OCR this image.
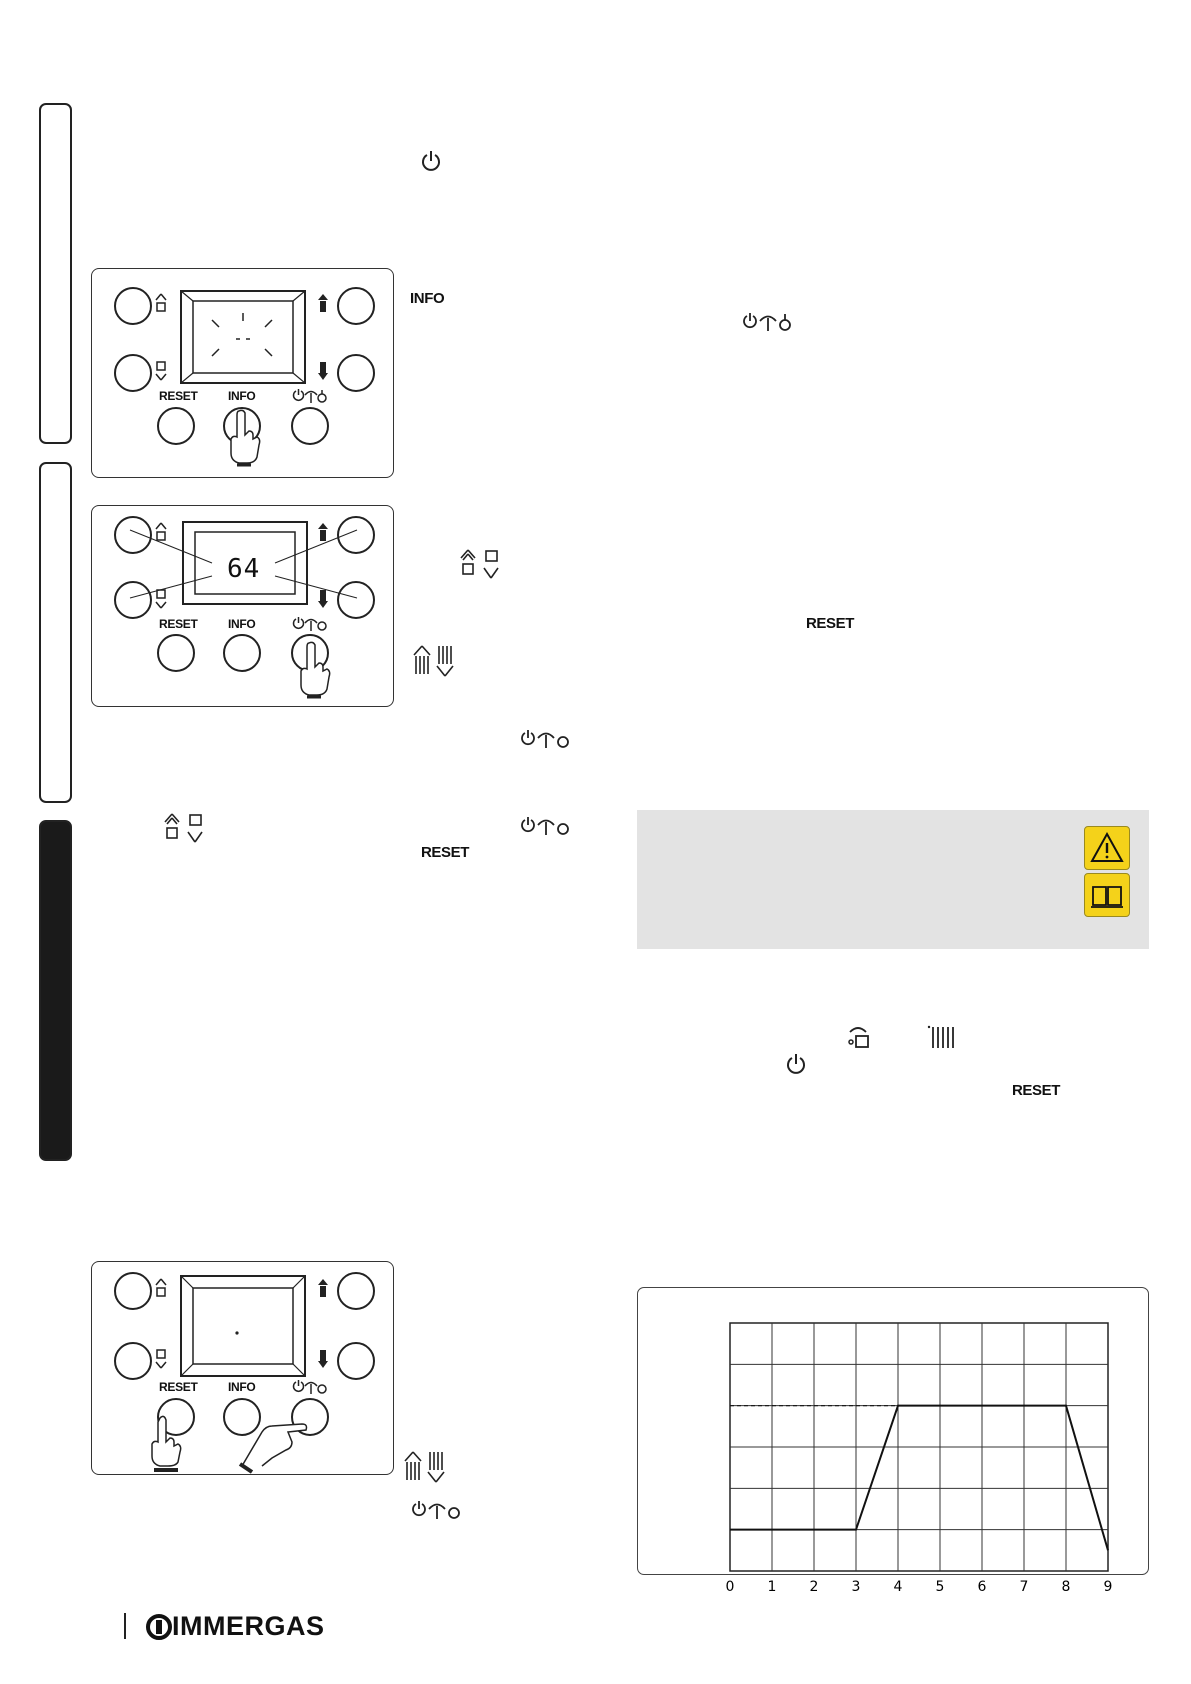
RESET	INFO
INFO
64
RESET	INFO
RESET
RESET
RESET
RESET	INFO
0 1 2 3 4 5 6 7 8 9
IMMERGAS
